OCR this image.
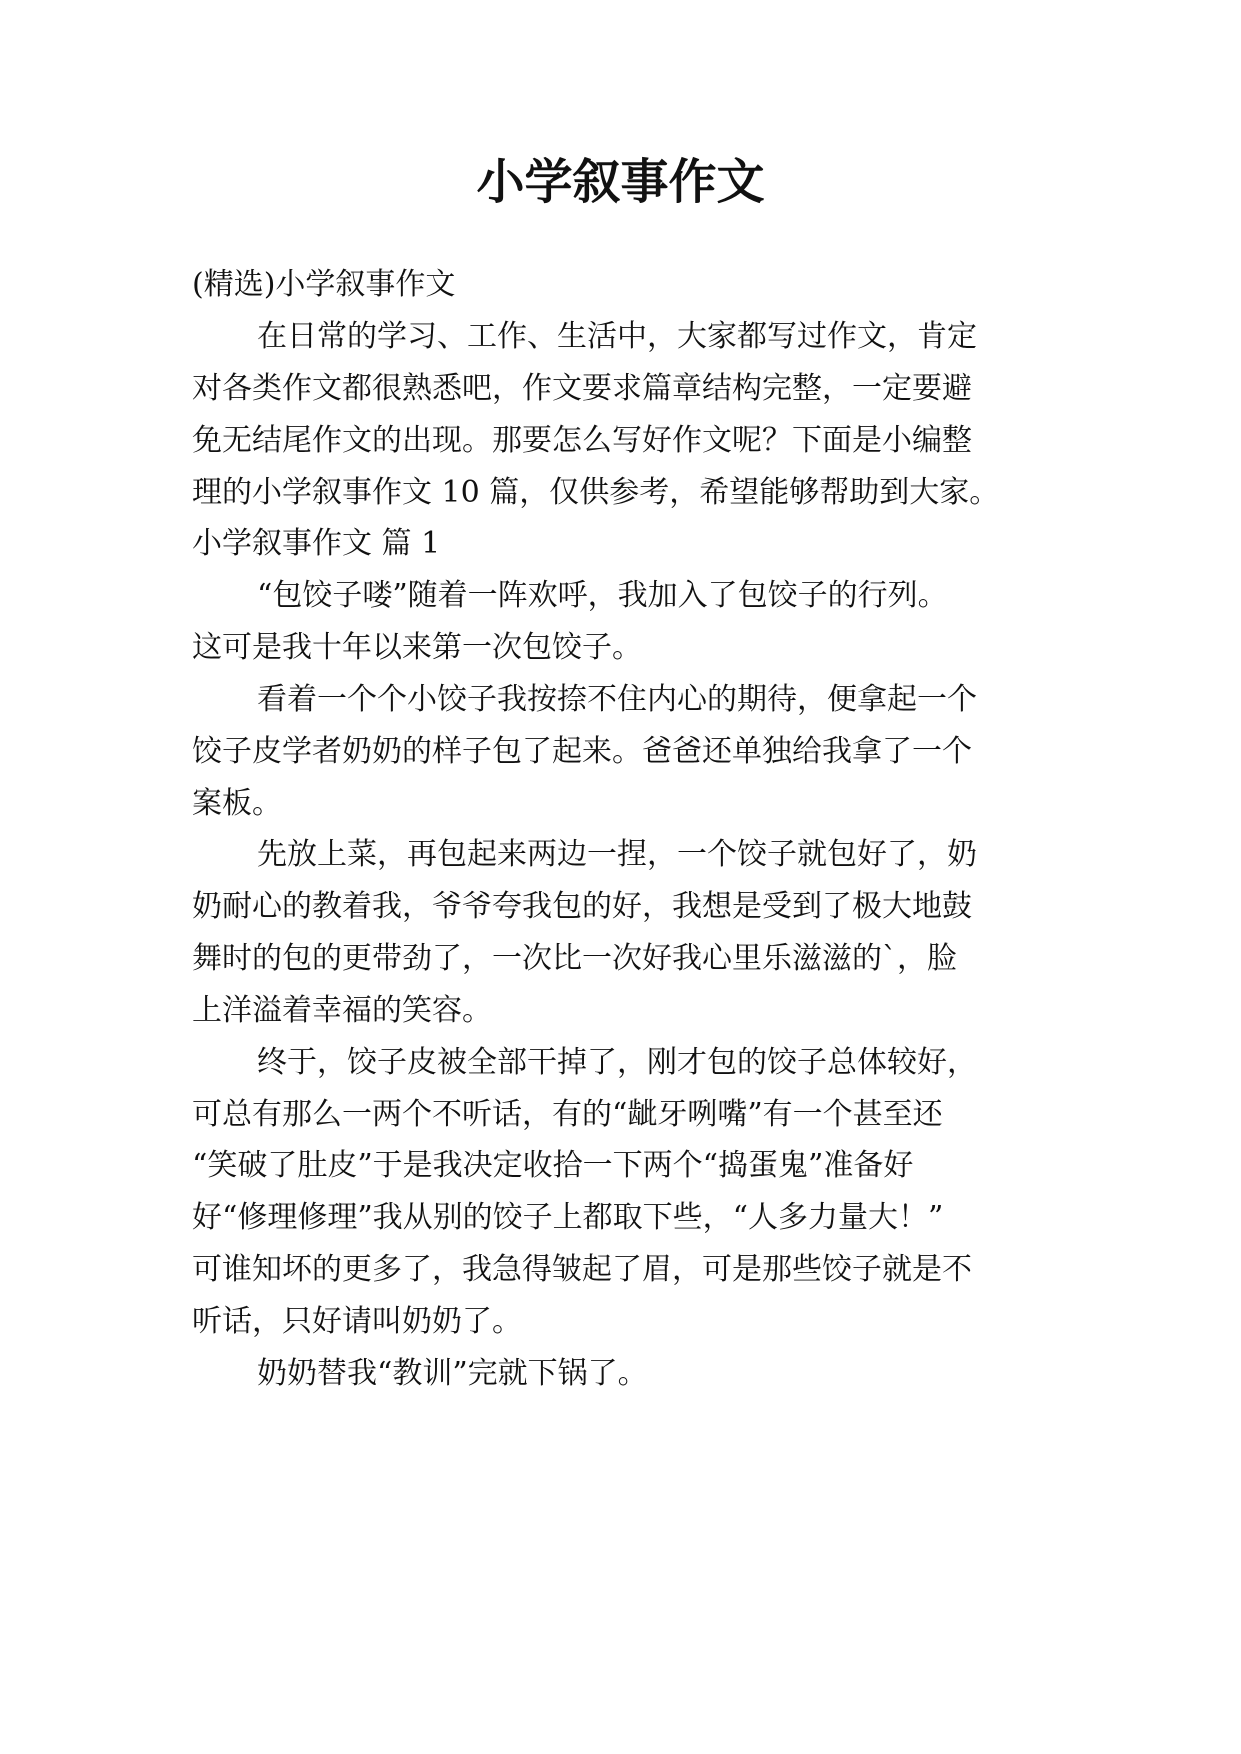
小学叙事作文

(精选)小学叙事作文

在日常的学习、工作、生活中，大家都写过作文，肯定

对各类作文都很熟悉吧，作文要求篇章结构完整，一定要避

免无结尾作文的出现。那要怎么写好作文呢？下面是小编整

理的小学叙事作文 10 篇，仅供参考，希望能够帮助到大家。

小学叙事作文 篇 1

“包饺子喽”随着一阵欢呼，我加入了包饺子的行列。

这可是我十年以来第一次包饺子。

看着一个个小饺子我按捺不住内心的期待，便拿起一个

饺子皮学者奶奶的样子包了起来。爸爸还单独给我拿了一个

案板。

先放上菜，再包起来两边一捏，一个饺子就包好了，奶

奶耐心的教着我，爷爷夸我包的好，我想是受到了极大地鼓

舞时的包的更带劲了，一次比一次好我心里乐滋滋的`，脸

上洋溢着幸福的笑容。

终于，饺子皮被全部干掉了，刚才包的饺子总体较好，

可总有那么一两个不听话，有的“龇牙咧嘴”有一个甚至还

“笑破了肚皮”于是我决定收拾一下两个“捣蛋鬼”准备好

好“修理修理”我从别的饺子上都取下些，“人多力量大！”

可谁知坏的更多了，我急得皱起了眉，可是那些饺子就是不

听话，只好请叫奶奶了。

奶奶替我“教训”完就下锅了。
